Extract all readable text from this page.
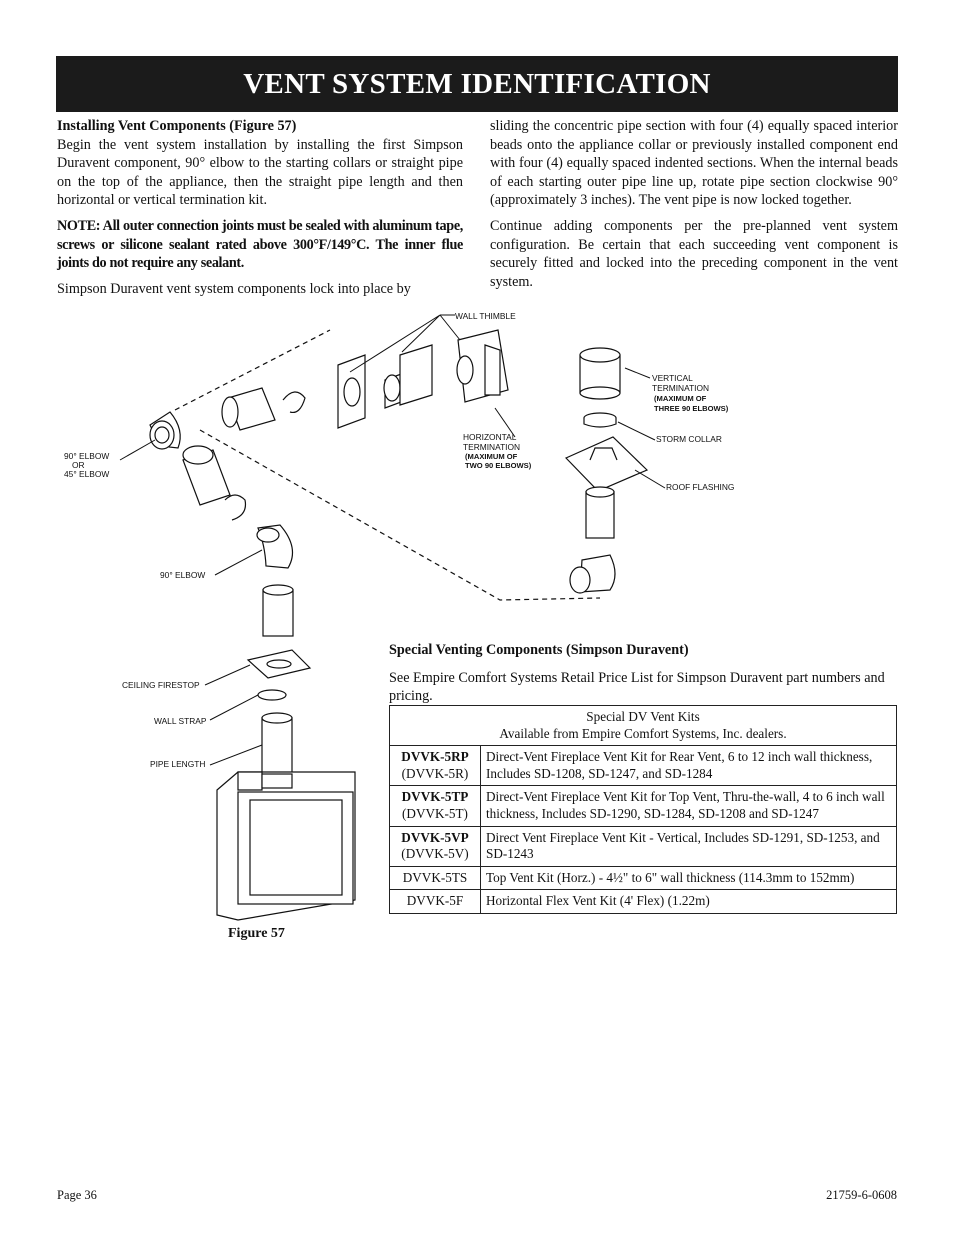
VENT SYSTEM IDENTIFICATION
Installing Vent Components (Figure 57)

Begin the vent system installation by installing the first Simpson Duravent component, 90° elbow to the starting collars or straight pipe on the top of the appliance, then the straight pipe length and then horizontal or vertical termination kit.

NOTE: All outer connection joints must be sealed with aluminum tape, screws or silicone sealant rated above 300°F/149°C. The inner flue joints do not require any sealant.

Simpson Duravent vent system components lock into place by

sliding the concentric pipe section with four (4) equally spaced interior beads onto the appliance collar or previously installed component end with four (4) equally spaced indented sections. When the internal beads of each starting outer pipe line up, rotate pipe section clockwise 90° (approximately 3 inches). The vent pipe is now locked together.

Continue adding components per the pre-planned vent system configuration. Be certain that each succeeding vent component is securely fitted and locked into the preceding component in the vent system.

WALL THIMBLE
VERTICAL
TERMINATION
(MAXIMUM OF
THREE 90 ELBOWS)
HORIZONTAL
TERMINATION
(MAXIMUM OF
TWO 90 ELBOWS)
STORM COLLAR
ROOF FLASHING
90° ELBOW
OR
45° ELBOW
90° ELBOW
CEILING FIRESTOP
WALL STRAP
PIPE LENGTH
Figure 57
Special Venting Components (Simpson Duravent)
See Empire Comfort Systems Retail Price List for Simpson Duravent part numbers and pricing.
Special DV Vent Kits
Available from Empire Comfort Systems, Inc. dealers.	

DVVK-5RP
(DVVK-5R)	Direct-Vent Fireplace Vent Kit for Rear Vent, 6 to 12 inch wall thickness, Includes SD-1208, SD-1247, and SD-1284
DVVK-5TP
(DVVK-5T)	Direct-Vent Fireplace Vent Kit for Top Vent, Thru-the-wall, 4 to 6 inch wall thickness, Includes SD-1290, SD-1284, SD-1208 and SD-1247
DVVK-5VP
(DVVK-5V)	Direct Vent Fireplace Vent Kit - Vertical, Includes SD-1291, SD-1253, and SD-1243
DVVK-5TS	Top Vent Kit (Horz.) - 4½" to 6" wall thickness (114.3mm to 152mm)
DVVK-5F	Horizontal Flex Vent Kit (4' Flex) (1.22m)
Page 36	21759-6-0608
